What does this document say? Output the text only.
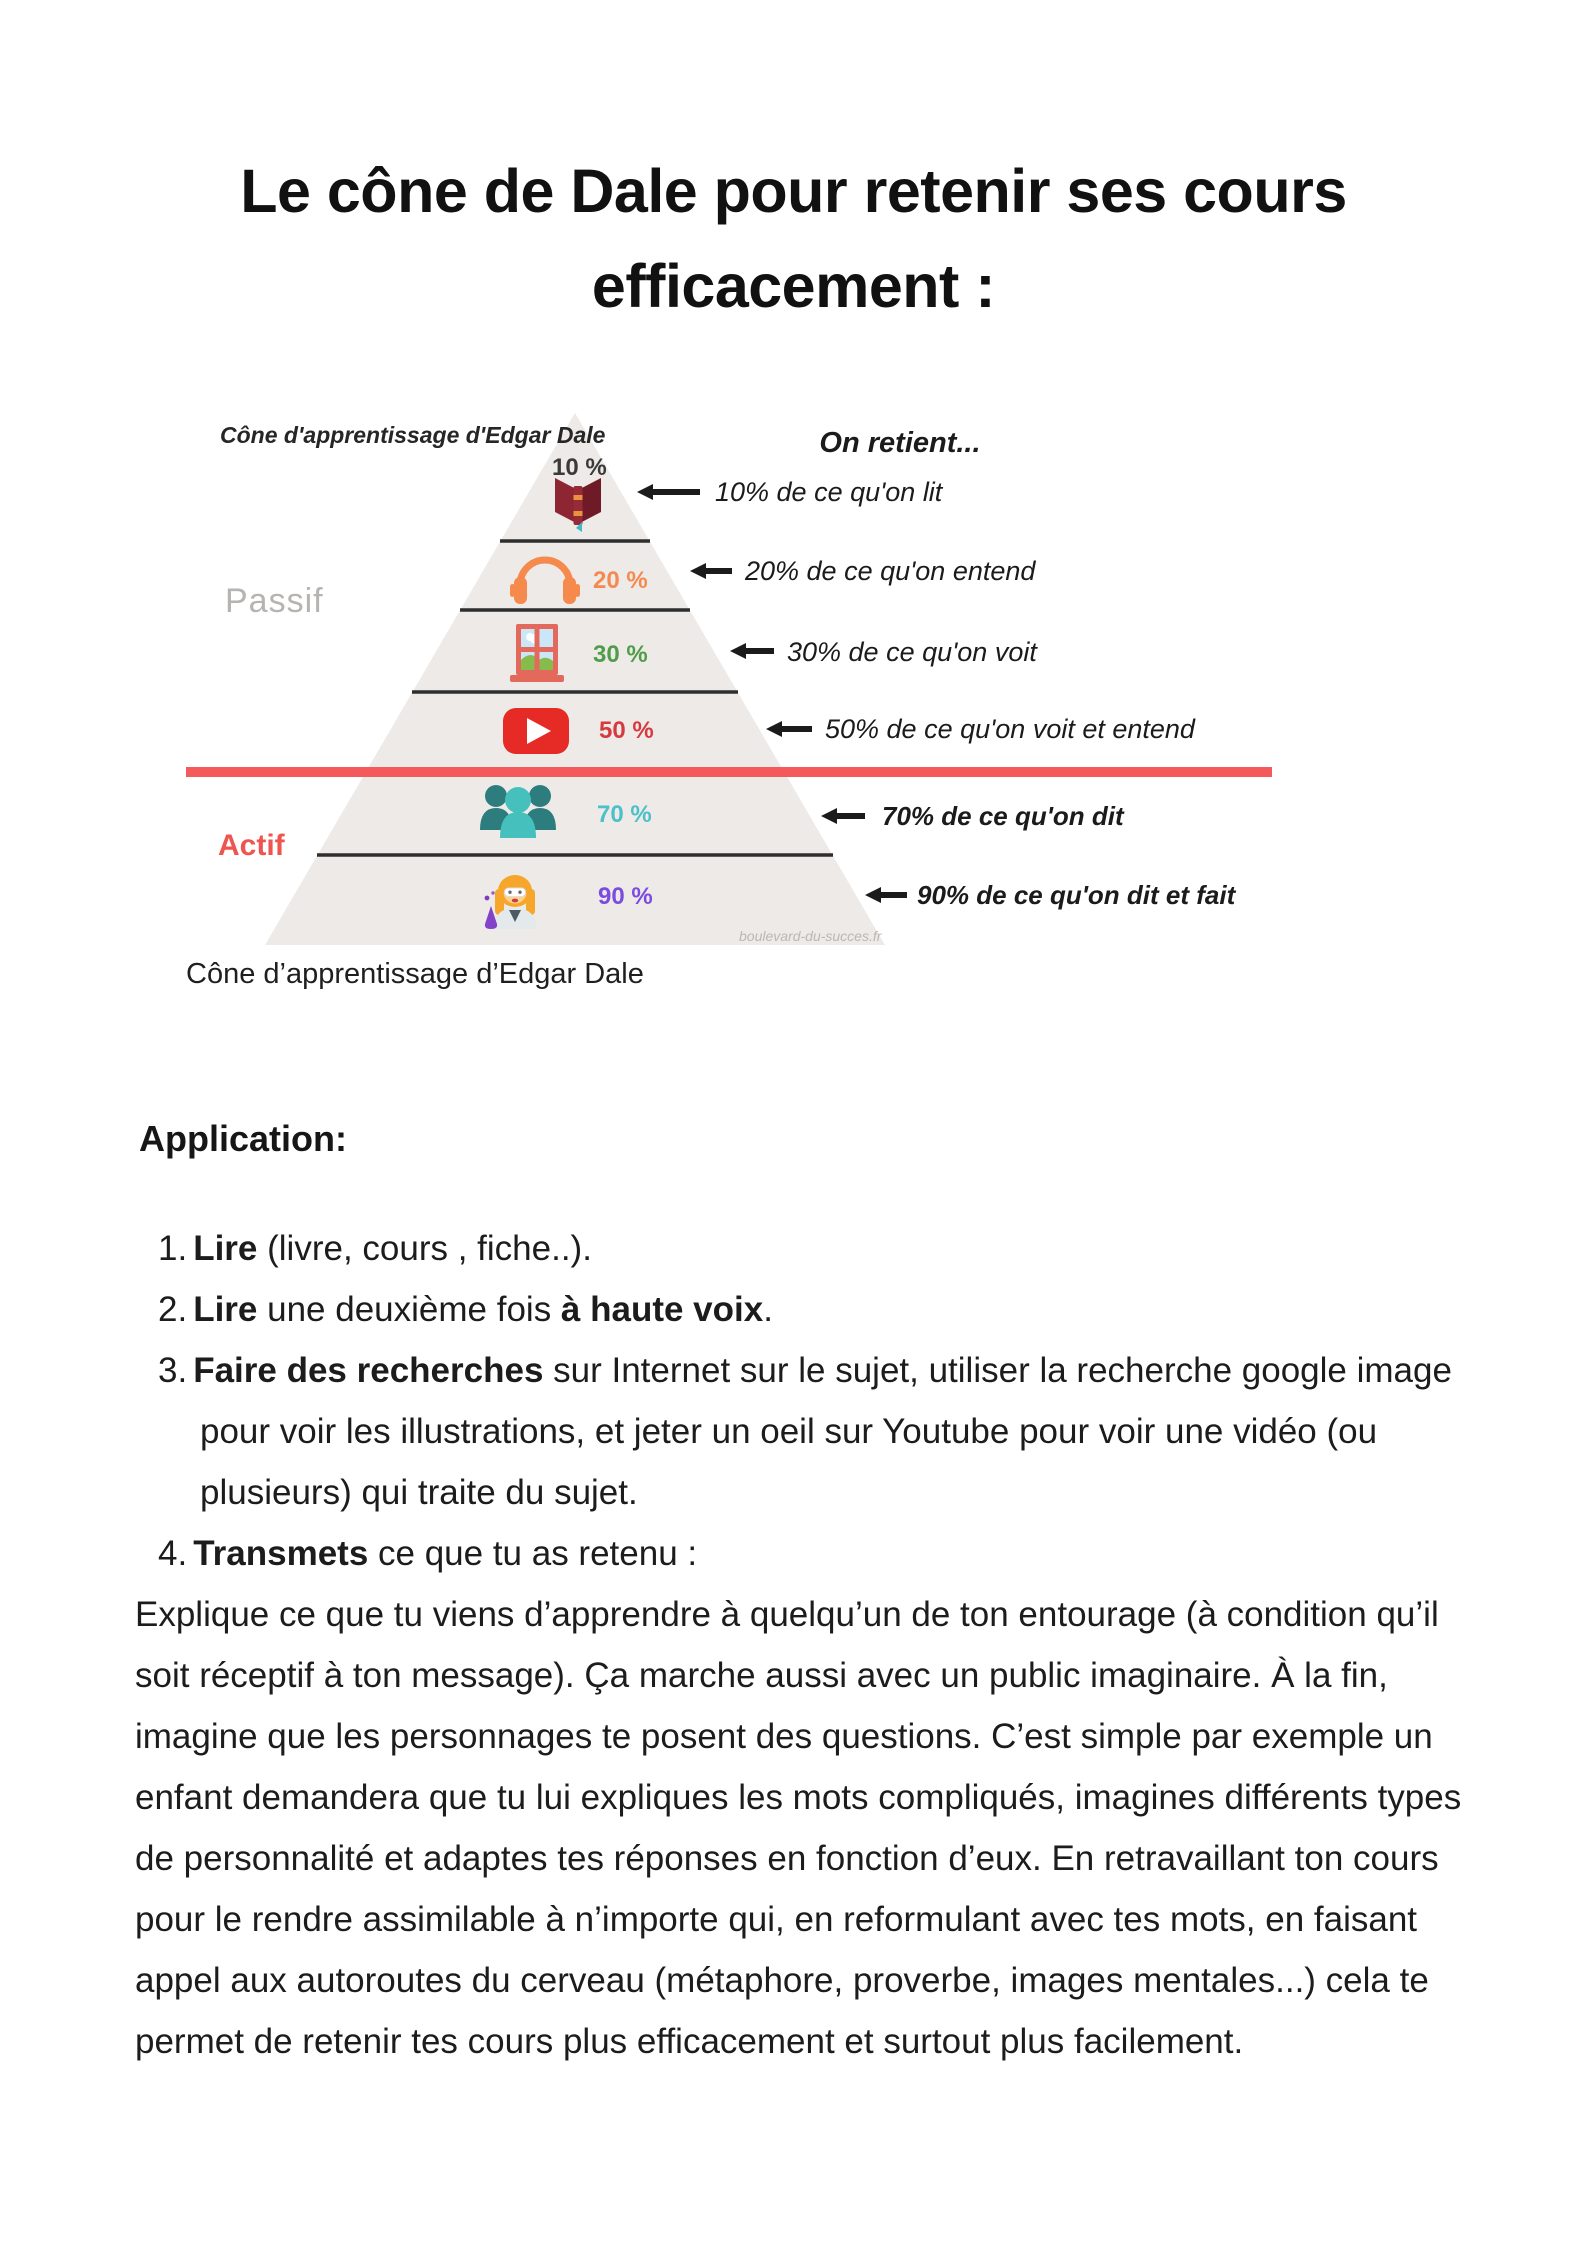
Le cône de Dale pour retenir ses cours
efficacement :
Cône d'apprentissage d'Edgar Dale	On retient...
Passif
Actif
boulevard-du-succes.fr
10 %
20 %
30 %
50 %
70 %
90 %
10% de ce qu'on lit
20% de ce qu'on entend
30% de ce qu'on voit
50% de ce qu'on voit et entend
70% de ce qu'on dit
90% de ce qu'on dit et fait
Cône d’apprentissage d’Edgar Dale
Application:
1. Lire (livre, cours , fiche..).
2. Lire une deuxième fois à haute voix.
3. Faire des recherches sur Internet sur le sujet, utiliser la recherche google image pour voir les illustrations, et jeter un oeil sur Youtube pour voir une vidéo (ou plusieurs) qui traite du sujet.
4. Transmets ce que tu as retenu :
Explique ce que tu viens d’apprendre à quelqu’un de ton entourage (à condition qu’il soit réceptif à ton message). Ça marche aussi avec un public imaginaire. À la fin, imagine que les personnages te posent des questions. C’est simple par exemple un enfant demandera que tu lui expliques les mots compliqués, imagines différents types de personnalité et adaptes tes réponses en fonction d’eux. En retravaillant ton cours pour le rendre assimilable à n’importe qui, en reformulant avec tes mots, en faisant appel aux autoroutes du cerveau (métaphore, proverbe, images mentales...) cela te permet de retenir tes cours plus efficacement et surtout plus facilement.
